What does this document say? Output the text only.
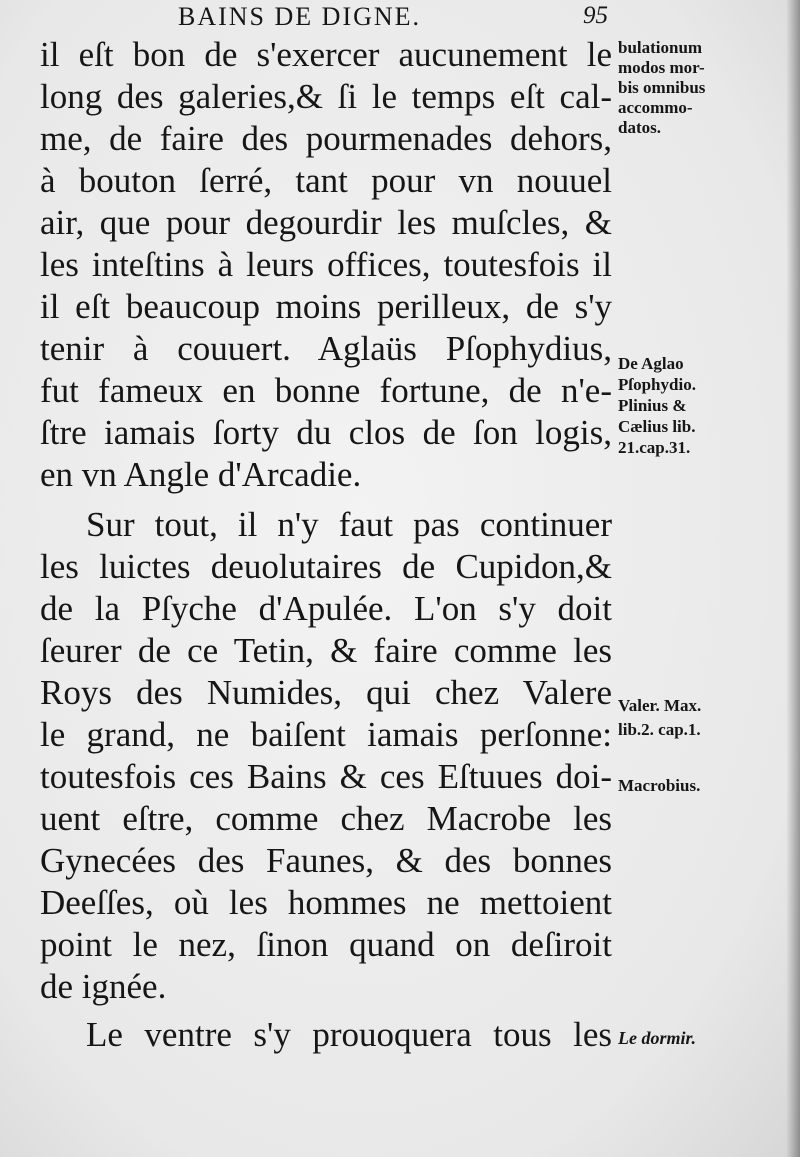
BAINS DE DIGNE.	95
il eſt bon de s'exercer aucunement le
long des galeries,& ſi le temps eſt cal-
me, de faire des pourmenades dehors,
à bouton ſerré, tant pour vn nouuel
air, que pour degourdir les muſcles, &
les inteſtins à leurs offices, toutesfois il
il eſt beaucoup moins perilleux, de s'y
tenir à couuert. Aglaüs Pſophydius,
fut fameux en bonne fortune, de n'e-
ſtre iamais ſorty du clos de ſon logis,
en vn Angle d'Arcadie.
Sur tout, il n'y faut pas continuer
les luictes deuolutaires de Cupidon,&
de la Pſyche d'Apulée. L'on s'y doit
ſeurer de ce Tetin, & faire comme les
Roys des Numides, qui chez Valere
le grand, ne baiſent iamais perſonne:
toutesfois ces Bains & ces Eſtuues doi-
uent eſtre, comme chez Macrobe les
Gynecées des Faunes, & des bonnes
Deeſſes, où les hommes ne mettoient
point le nez, ſinon quand on deſiroit
de ignée.
Le ventre s'y prouoquera tous les
bulationum
modos mor-
bis omnibus
accommo-
datos.
De Aglao
Pſophydio.
Plinius &
Cælius lib.
21.cap.31.
Valer. Max.
lib.2. cap.1.
Macrobius.
Le dormir.
